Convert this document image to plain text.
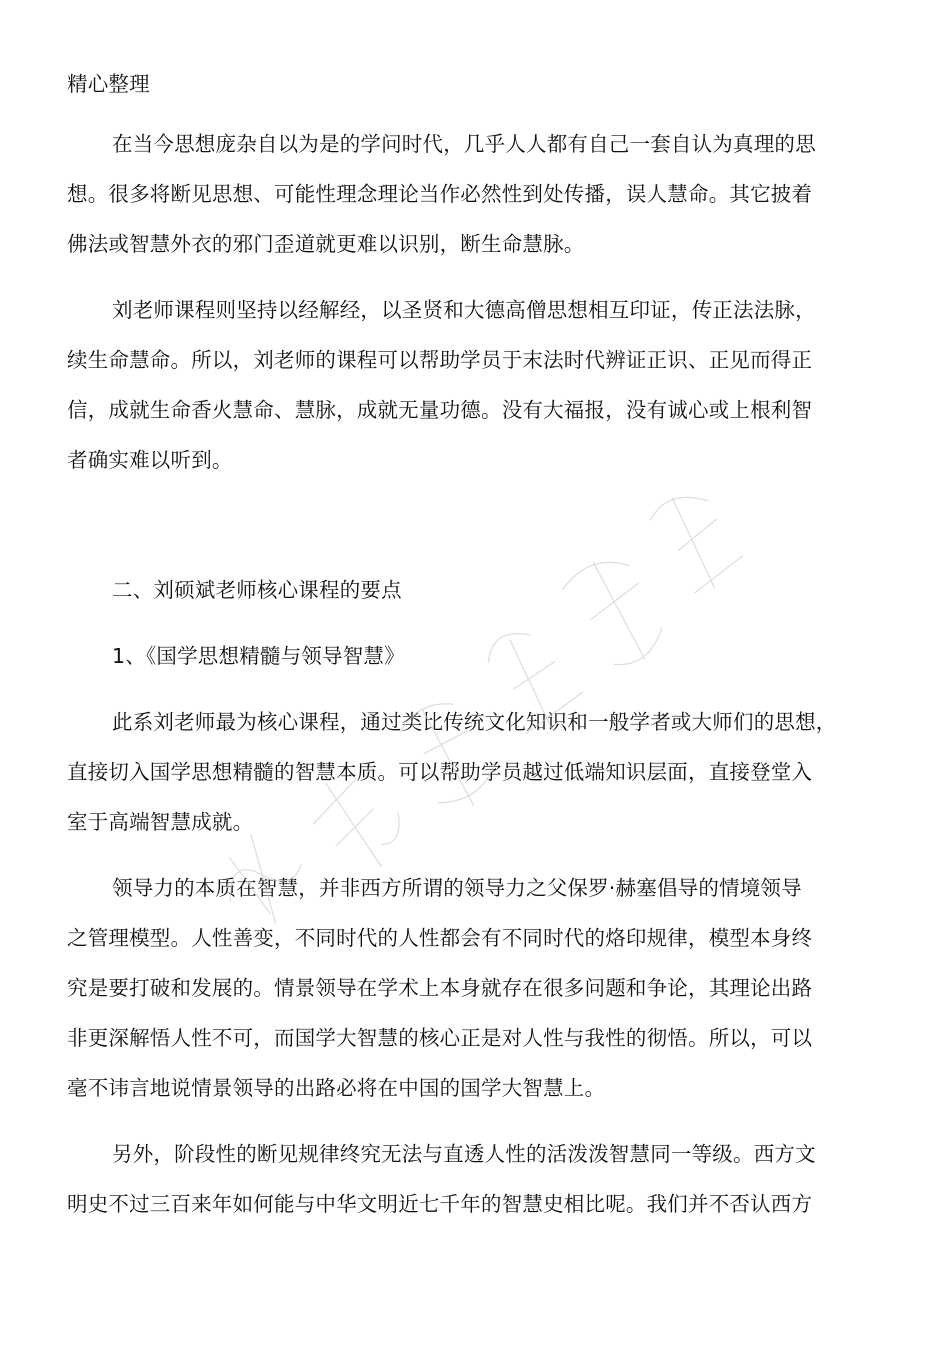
精心整理
在当今思想庞杂自以为是的学问时代，几乎人人都有自己一套自认为真理的思
想。很多将断见思想、可能性理念理论当作必然性到处传播，误人慧命。其它披着
佛法或智慧外衣的邪门歪道就更难以识别，断生命慧脉。
刘老师课程则坚持以经解经，以圣贤和大德高僧思想相互印证，传正法法脉，
续生命慧命。所以，刘老师的课程可以帮助学员于末法时代辨证正识、正见而得正
信，成就生命香火慧命、慧脉，成就无量功德。没有大福报，没有诚心或上根利智
者确实难以听到。
二、刘硕斌老师核心课程的要点
1、《国学思想精髓与领导智慧》
此系刘老师最为核心课程，通过类比传统文化知识和一般学者或大师们的思想，
直接切入国学思想精髓的智慧本质。可以帮助学员越过低端知识层面，直接登堂入
室于高端智慧成就。
领导力的本质在智慧，并非西方所谓的领导力之父保罗·赫塞倡导的情境领导
之管理模型。人性善变，不同时代的人性都会有不同时代的烙印规律，模型本身终
究是要打破和发展的。情景领导在学术上本身就存在很多问题和争论，其理论出路
非更深解悟人性不可，而国学大智慧的核心正是对人性与我性的彻悟。所以，可以
毫不讳言地说情景领导的出路必将在中国的国学大智慧上。
另外，阶段性的断见规律终究无法与直透人性的活泼泼智慧同一等级。西方文
明史不过三百来年如何能与中华文明近七千年的智慧史相比呢。我们并不否认西方
